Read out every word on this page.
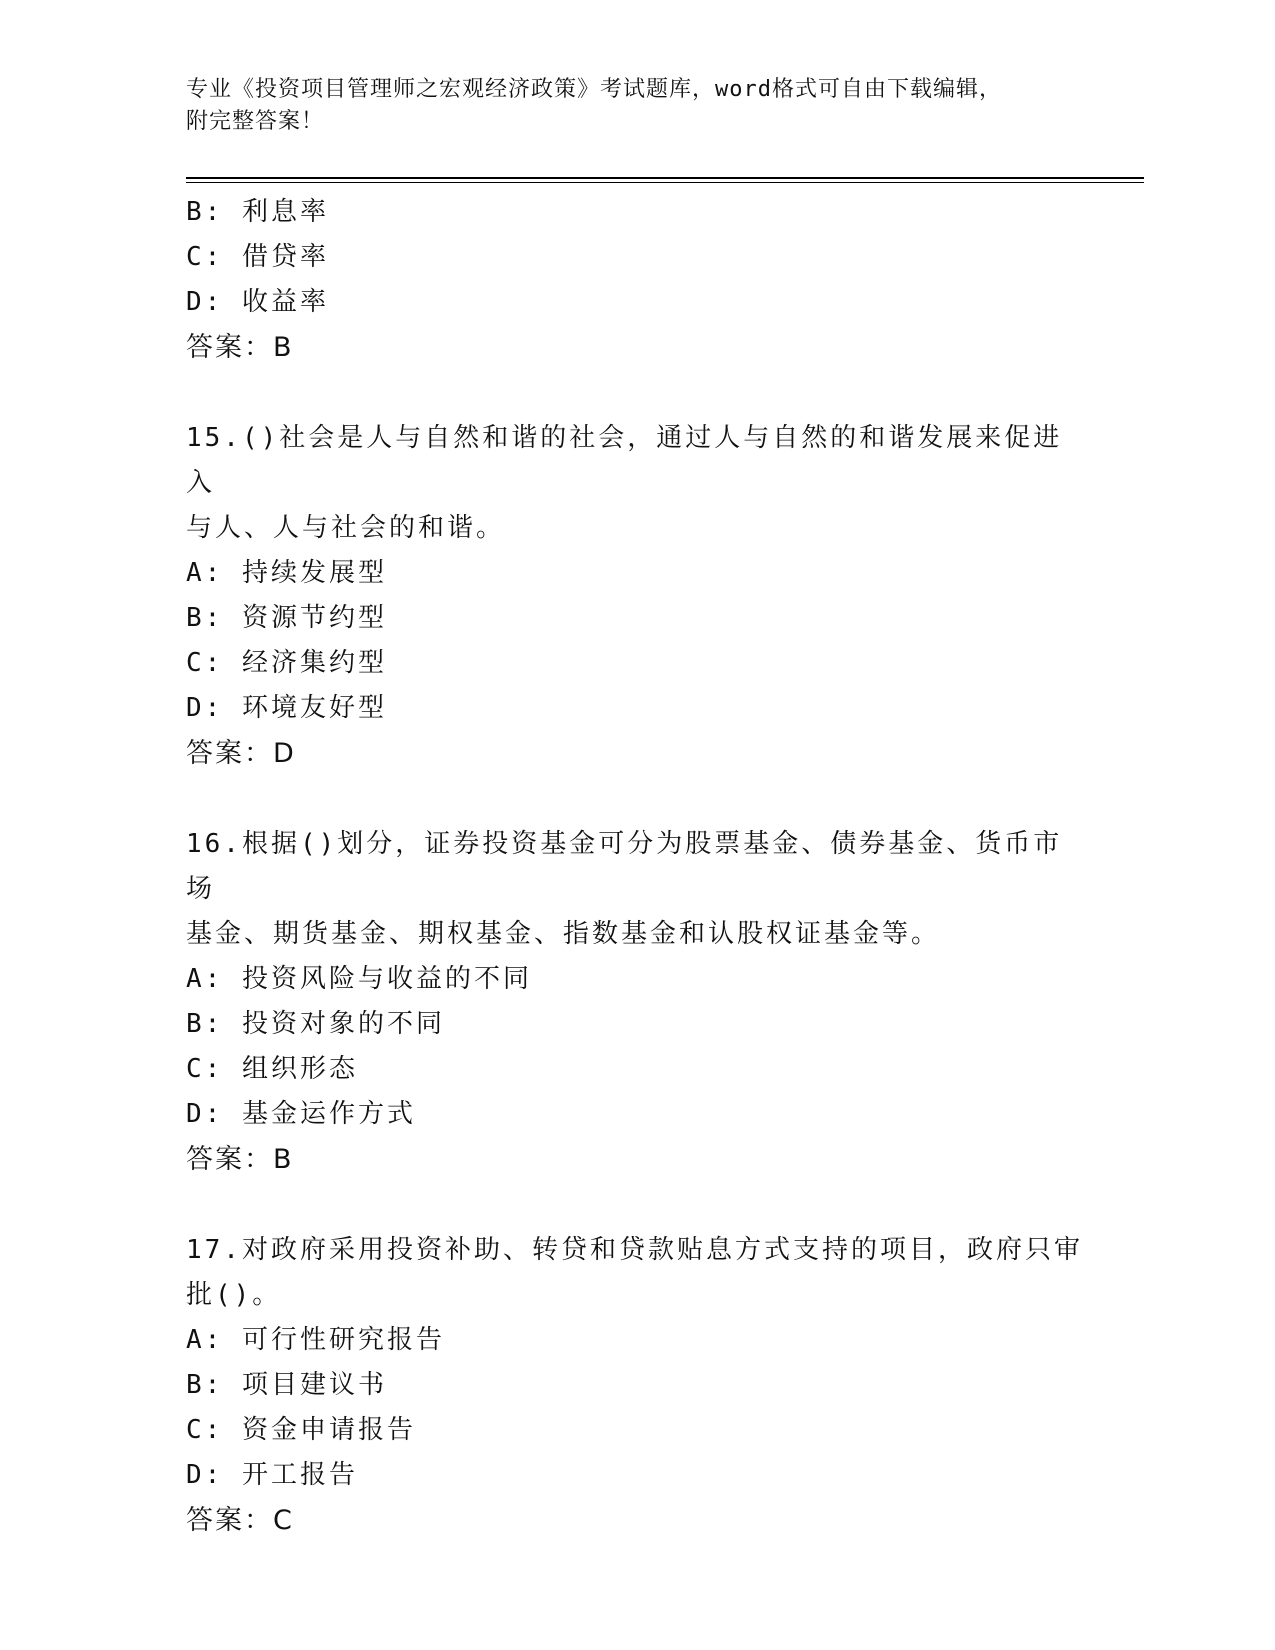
专业《投资项目管理师之宏观经济政策》考试题库，word格式可自由下载编辑，
附完整答案！
B: 利息率
C: 借贷率
D: 收益率
答案：B
15.()社会是人与自然和谐的社会，通过人与自然的和谐发展来促进入
与人、人与社会的和谐。
A: 持续发展型
B: 资源节约型
C: 经济集约型
D: 环境友好型
答案：D
16.根据()划分，证券投资基金可分为股票基金、债券基金、货币市场
基金、期货基金、期权基金、指数基金和认股权证基金等。
A: 投资风险与收益的不同
B: 投资对象的不同
C: 组织形态
D: 基金运作方式
答案：B
17.对政府采用投资补助、转贷和贷款贴息方式支持的项目，政府只审
批()。
A: 可行性研究报告
B: 项目建议书
C: 资金申请报告
D: 开工报告
答案：C
